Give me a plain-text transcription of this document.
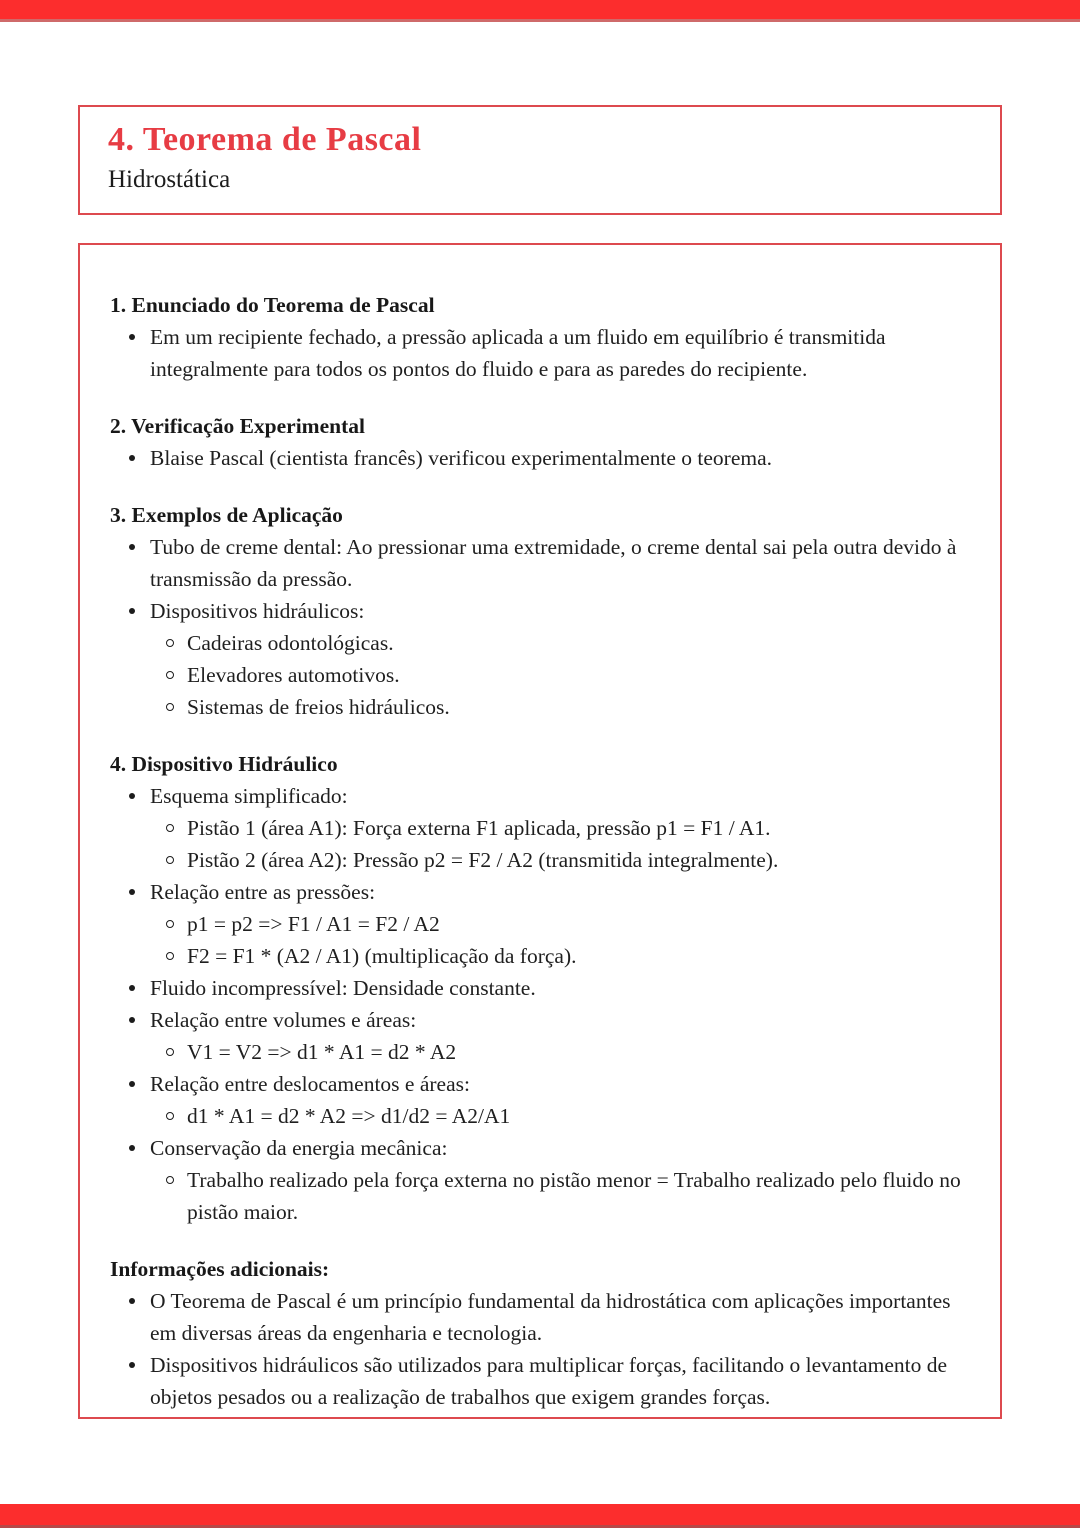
4. Teorema de Pascal
Hidrostática

1. Enunciado do Teorema de Pascal

Em um recipiente fechado, a pressão aplicada a um fluido em equilíbrio é transmitida integralmente para todos os pontos do fluido e para as paredes do recipiente.

2. Verificação Experimental

Blaise Pascal (cientista francês) verificou experimentalmente o teorema.

3. Exemplos de Aplicação

Tubo de creme dental: Ao pressionar uma extremidade, o creme dental sai pela outra devido à transmissão da pressão.
Dispositivos hidráulicos:
Cadeiras odontológicas.
Elevadores automotivos.
Sistemas de freios hidráulicos.

4. Dispositivo Hidráulico

Esquema simplificado:
Pistão 1 (área A1): Força externa F1 aplicada, pressão p1 = F1 / A1.
Pistão 2 (área A2): Pressão p2 = F2 / A2 (transmitida integralmente).
Relação entre as pressões:
p1 = p2 => F1 / A1 = F2 / A2
F2 = F1 * (A2 / A1) (multiplicação da força).
Fluido incompressível: Densidade constante.
Relação entre volumes e áreas:
V1 = V2 => d1 * A1 = d2 * A2
Relação entre deslocamentos e áreas:
d1 * A1 = d2 * A2 => d1/d2 = A2/A1
Conservação da energia mecânica:
Trabalho realizado pela força externa no pistão menor = Trabalho realizado pelo fluido no pistão maior.

Informações adicionais:

O Teorema de Pascal é um princípio fundamental da hidrostática com aplicações importantes em diversas áreas da engenharia e tecnologia.
Dispositivos hidráulicos são utilizados para multiplicar forças, facilitando o levantamento de objetos pesados ou a realização de trabalhos que exigem grandes forças.
